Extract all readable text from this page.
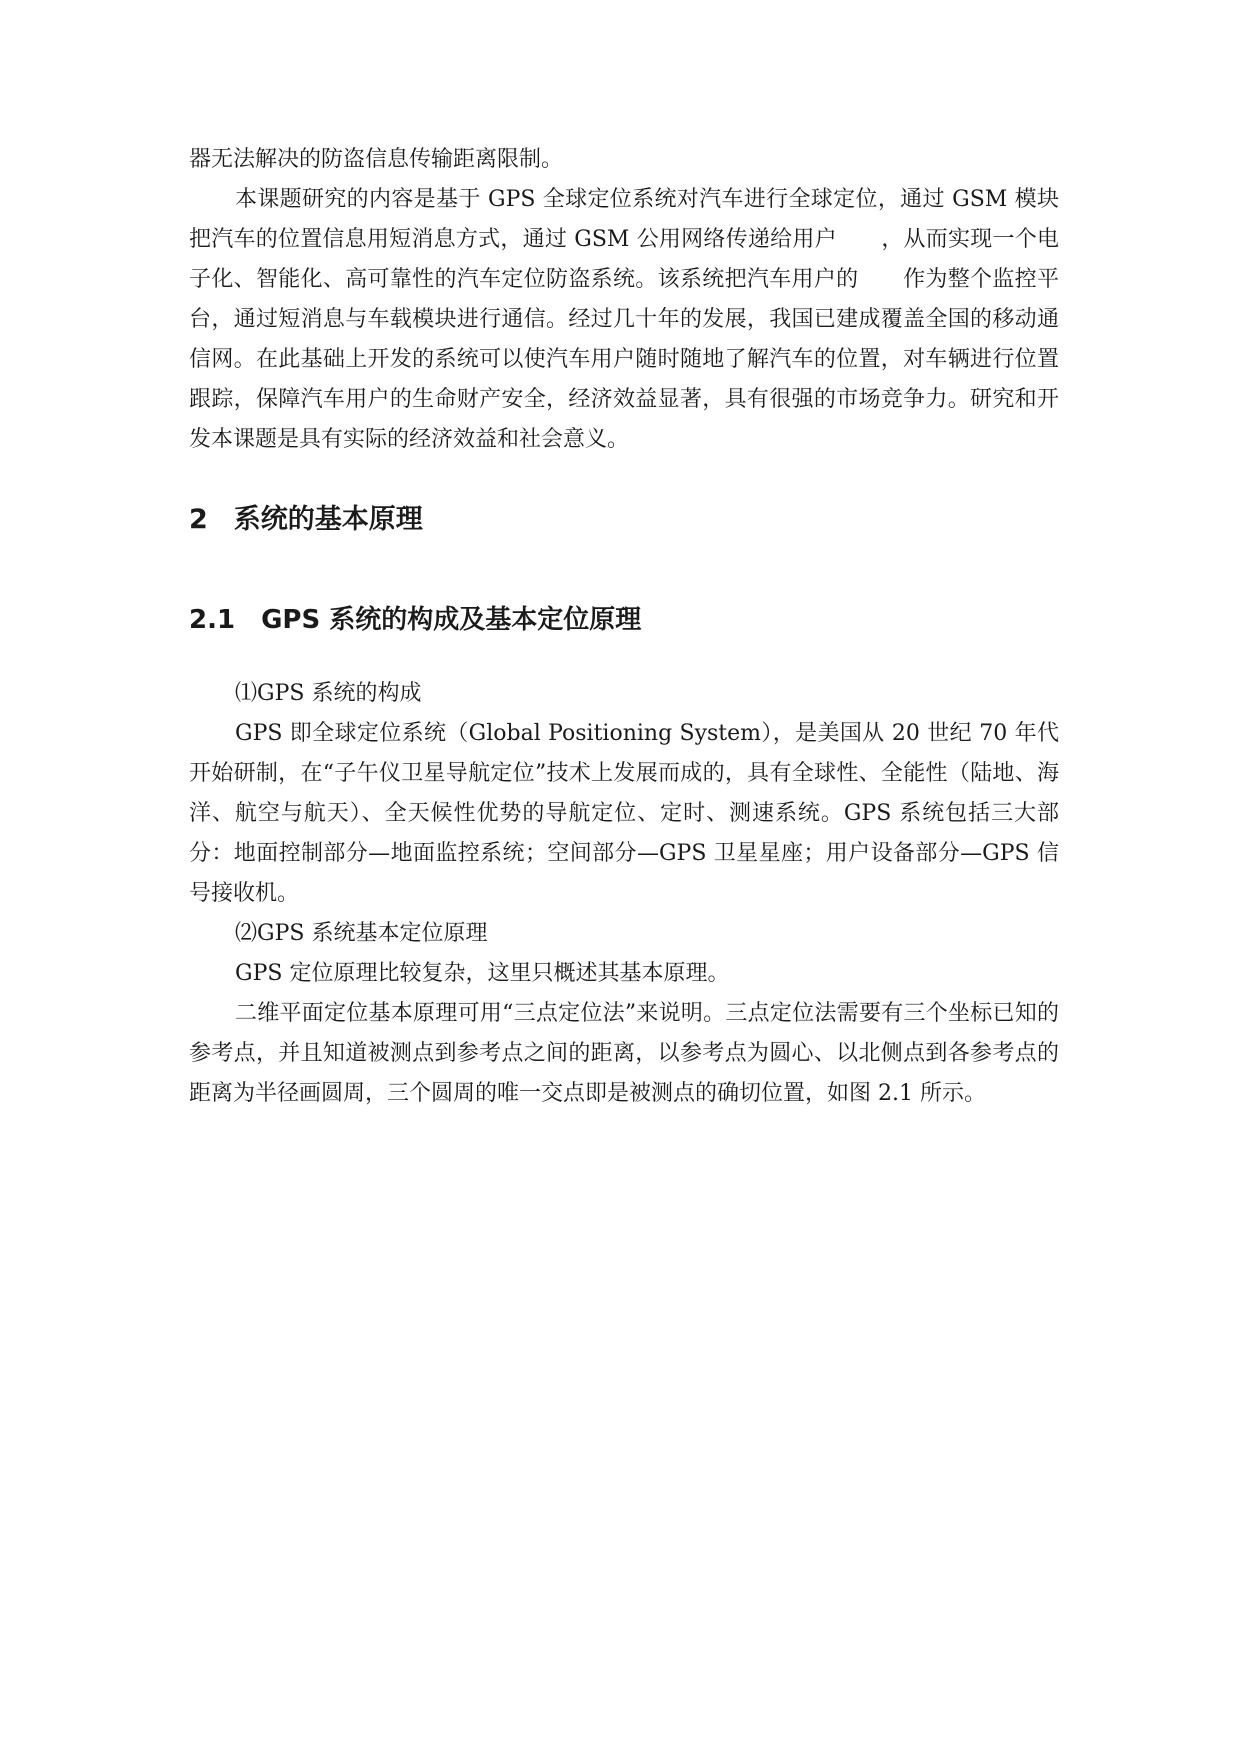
器无法解决的防盗信息传输距离限制。

本课题研究的内容是基于 GPS 全球定位系统对汽车进行全球定位，通过 GSM 模块把汽车的位置信息用短消息方式，通过 GSM 公用网络传递给用户　　，从而实现一个电子化、智能化、高可靠性的汽车定位防盗系统。该系统把汽车用户的　　作为整个监控平台，通过短消息与车载模块进行通信。经过几十年的发展，我国已建成覆盖全国的移动通信网。在此基础上开发的系统可以使汽车用户随时随地了解汽车的位置，对车辆进行位置跟踪，保障汽车用户的生命财产安全，经济效益显著，具有很强的市场竞争力。研究和开发本课题是具有实际的经济效益和社会意义。

2 系统的基本原理
2.1 GPS 系统的构成及基本定位原理

⑴GPS 系统的构成

GPS 即全球定位系统（Global Positioning System），是美国从 20 世纪 70 年代开始研制，在“子午仪卫星导航定位”技术上发展而成的，具有全球性、全能性（陆地、海洋、航空与航天）、全天候性优势的导航定位、定时、测速系统。GPS 系统包括三大部分：地面控制部分—地面监控系统；空间部分—GPS 卫星星座；用户设备部分—GPS 信号接收机。

⑵GPS 系统基本定位原理

GPS 定位原理比较复杂，这里只概述其基本原理。

二维平面定位基本原理可用“三点定位法”来说明。三点定位法需要有三个坐标已知的参考点，并且知道被测点到参考点之间的距离，以参考点为圆心、以北侧点到各参考点的距离为半径画圆周，三个圆周的唯一交点即是被测点的确切位置，如图 2.1 所示。
